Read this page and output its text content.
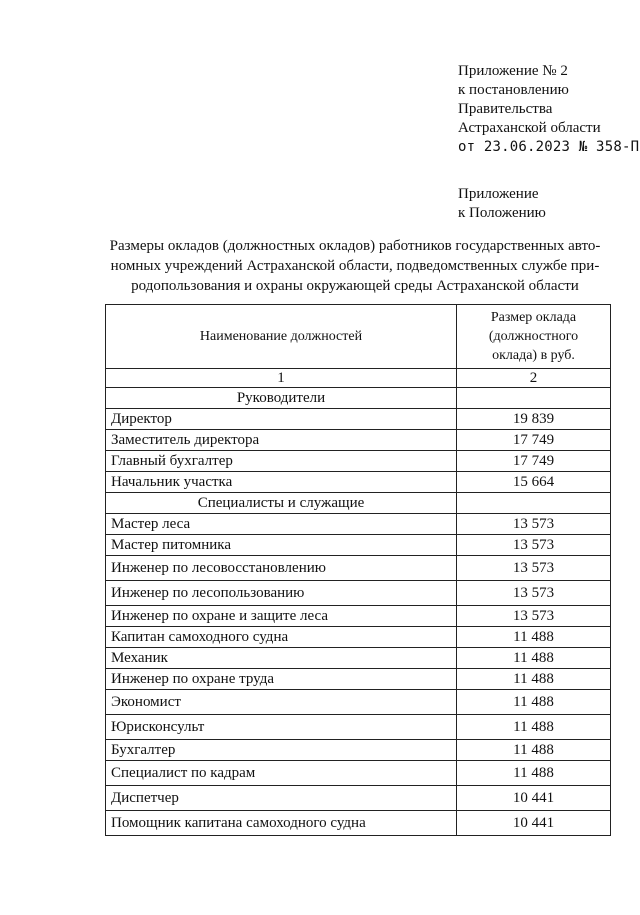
Приложение № 2
к постановлению
Правительства
Астраханской области
от 23.06.2023 № 358-П
Приложение
к Положению
Размеры окладов (должностных окладов) работников государственных авто-
номных учреждений Астраханской области, подведомственных службе при-
родопользования и охраны окружающей среды Астраханской области
Наименование должностей	Размер оклада
(должностного
оклада) в руб.

1	2
Руководители	
Директор	19 839
Заместитель директора	17 749
Главный бухгалтер	17 749
Начальник участка	15 664
Специалисты и служащие	
Мастер леса	13 573
Мастер питомника	13 573
Инженер по лесовосстановлению	13 573
Инженер по лесопользованию	13 573
Инженер по охране и защите леса	13 573
Капитан самоходного судна	11 488
Механик	11 488
Инженер по охране труда	11 488
Экономист	11 488
Юрисконсульт	11 488
Бухгалтер	11 488
Специалист по кадрам	11 488
Диспетчер	10 441
Помощник капитана самоходного судна	10 441
